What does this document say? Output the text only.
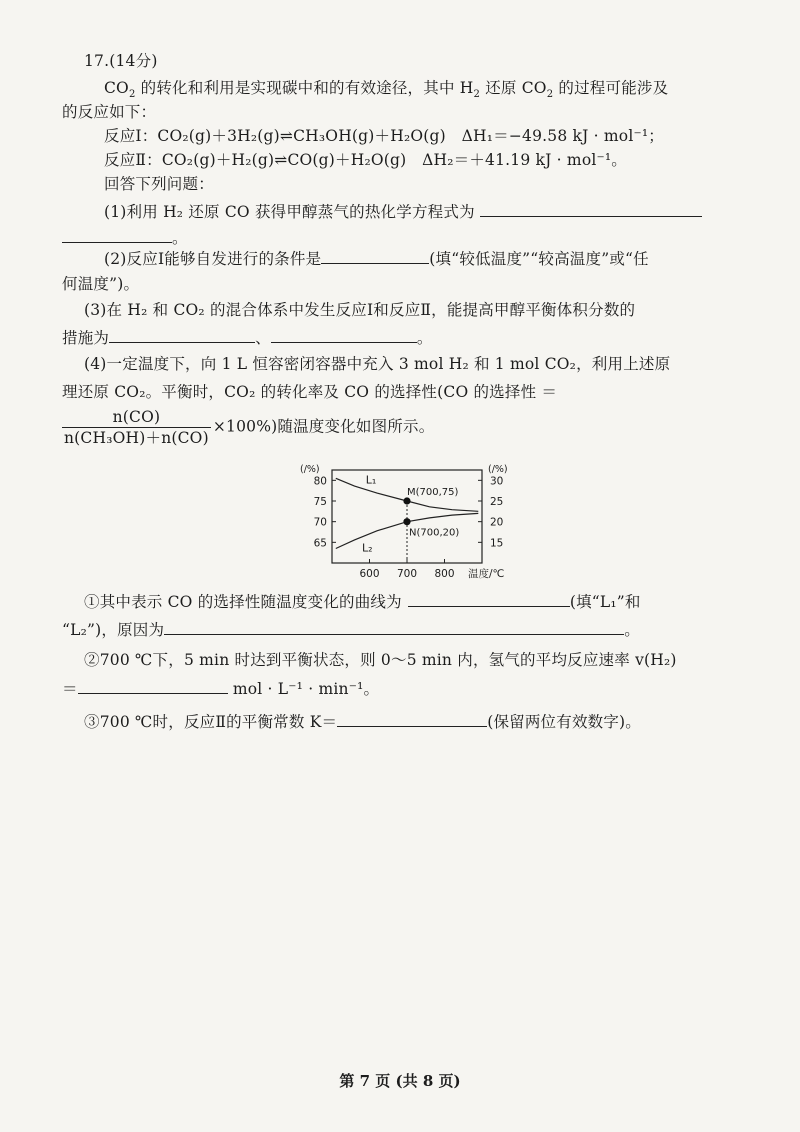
17.(14分)
$CO_2$ 的转化和利用是实现碳中和的有效途径，其中 $H_2$ 还原 $CO_2$ 的过程可能涉及
的反应如下：
反应Ⅰ：CO₂(g)＋3H₂(g)⇌CH₃OH(g)＋H₂O(g)　ΔH₁＝−49.58 kJ · mol⁻¹；
反应Ⅱ：CO₂(g)＋H₂(g)⇌CO(g)＋H₂O(g)　ΔH₂＝＋41.19 kJ · mol⁻¹。
回答下列问题：
(1)利用 H₂ 还原 CO 获得甲醇蒸气的热化学方程式为
。
(2)反应Ⅰ能够自发进行的条件是	(填“较低温度”“较高温度”或“任
何温度”)。
(3)在 H₂ 和 CO₂ 的混合体系中发生反应Ⅰ和反应Ⅱ，能提高甲醇平衡体积分数的
措施为	、	。
(4)一定温度下，向 1 L 恒容密闭容器中充入 3 mol H₂ 和 1 mol CO₂，利用上述原
理还原 CO₂。平衡时，CO₂ 的转化率及 CO 的选择性(CO 的选择性 ＝
$\frac{n(CO)}{\text{n(CH₃OH)＋n(CO)}} \times 100\%$)随温度变化如图所示。
(/%)	(/%)
65
70
75
80
15
20
25
30
600 700 800 温度/℃
L₁
L₂
M(700,75)
N(700,20)
①其中表示 CO 的选择性随温度变化的曲线为	(填“L₁”和
“L₂”)，原因为	。
②700 ℃下，5 min 时达到平衡状态，则 0～5 min 内，氢气的平均反应速率 v(H₂)
＝	mol · L⁻¹ · min⁻¹。
③700 ℃时，反应Ⅱ的平衡常数 K＝	(保留两位有效数字)。
第 7 页 (共 8 页)
